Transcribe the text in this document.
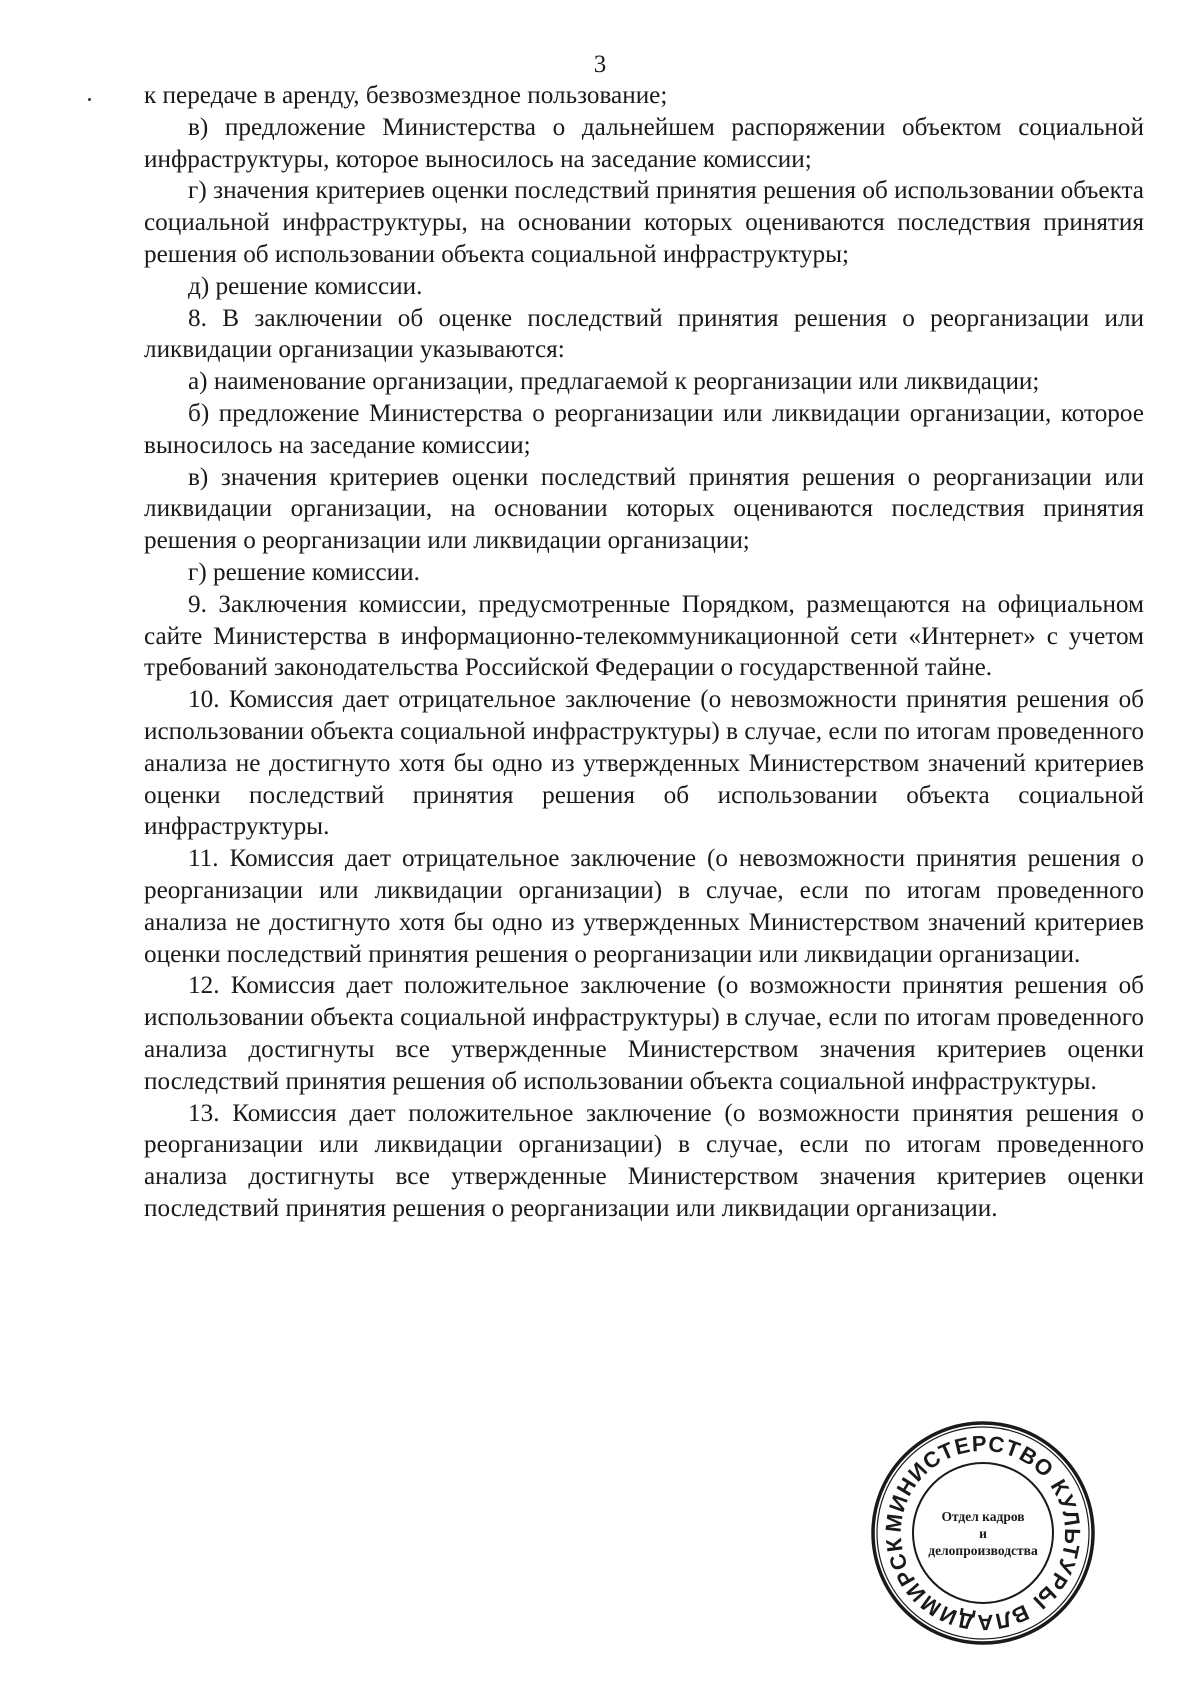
3

к передаче в аренду, безвозмездное пользование;

в) предложение Министерства о дальнейшем распоряжении объектом социальной инфраструктуры, которое выносилось на заседание комиссии;

г) значения критериев оценки последствий принятия решения об использовании объекта социальной инфраструктуры, на основании которых оцениваются последствия принятия решения об использовании объекта социальной инфраструктуры;

д) решение комиссии.

8. В заключении об оценке последствий принятия решения о реорганизации или ликвидации организации указываются:

а) наименование организации, предлагаемой к реорганизации или ликвидации;

б) предложение Министерства о реорганизации или ликвидации организации, которое выносилось на заседание комиссии;

в) значения критериев оценки последствий принятия решения о реорганизации или ликвидации организации, на основании которых оцениваются последствия принятия решения о реорганизации или ликвидации организации;

г) решение комиссии.

9. Заключения комиссии, предусмотренные Порядком, размещаются на официальном сайте Министерства в информационно-телекоммуникационной сети «Интернет» с учетом требований законодательства Российской Федерации о государственной тайне.

10. Комиссия дает отрицательное заключение (о невозможности принятия решения об использовании объекта социальной инфраструктуры) в случае, если по итогам проведенного анализа не достигнуто хотя бы одно из утвержденных Министерством значений критериев оценки последствий принятия решения об использовании объекта социальной инфраструктуры.

11. Комиссия дает отрицательное заключение (о невозможности принятия решения о реорганизации или ликвидации организации) в случае, если по итогам проведенного анализа не достигнуто хотя бы одно из утвержденных Министерством значений критериев оценки последствий принятия решения о реорганизации или ликвидации организации.

12. Комиссия дает положительное заключение (о возможности принятия решения об использовании объекта социальной инфраструктуры) в случае, если по итогам проведенного анализа достигнуты все утвержденные Министерством значения критериев оценки последствий принятия решения об использовании объекта социальной инфраструктуры.

13. Комиссия дает положительное заключение (о возможности принятия решения о реорганизации или ликвидации организации) в случае, если по итогам проведенного анализа достигнуты все утвержденные Министерством значения критериев оценки последствий принятия решения о реорганизации или ликвидации организации.

МИНИСТЕРСТВО КУЛЬТУРЫ ВЛАДИМИРСК
Отдел кадров
и
делопроизводства
